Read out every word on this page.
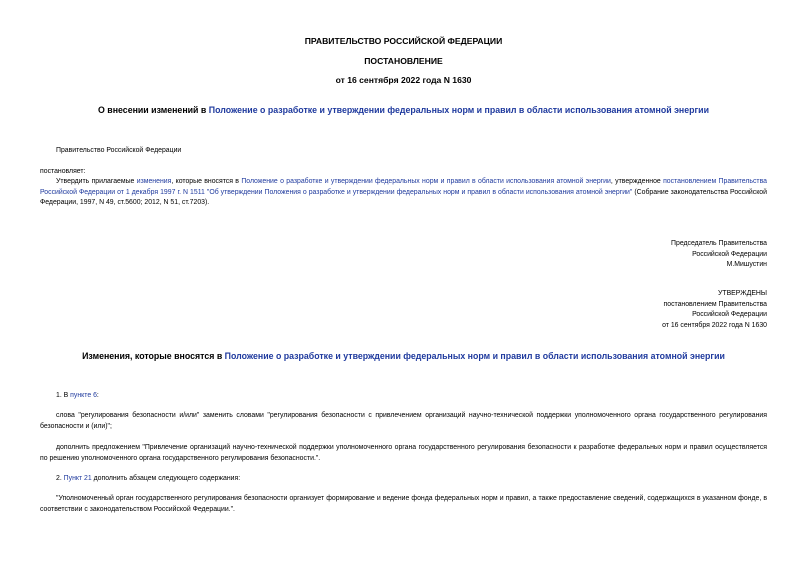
ПРАВИТЕЛЬСТВО РОССИЙСКОЙ ФЕДЕРАЦИИ
ПОСТАНОВЛЕНИЕ
от 16 сентября 2022 года N 1630
О внесении изменений в Положение о разработке и утверждении федеральных норм и правил в области использования атомной энергии
Правительство Российской Федерации
постановляет:
Утвердить прилагаемые изменения, которые вносятся в Положение о разработке и утверждении федеральных норм и правил в области использования атомной энергии, утвержденное постановлением Правительства Российской Федерации от 1 декабря 1997 г. N 1511 "Об утверждении Положения о разработке и утверждении федеральных норм и правил в области использования атомной энергии" (Собрание законодательства Российской Федерации, 1997, N 49, ст.5600; 2012, N 51, ст.7203).
Председатель Правительства
Российской Федерации
М.Мишустин
УТВЕРЖДЕНЫ
постановлением Правительства
Российской Федерации
от 16 сентября 2022 года N 1630
Изменения, которые вносятся в Положение о разработке и утверждении федеральных норм и правил в области использования атомной энергии
1. В пункте 6:
слова "регулирования безопасности и/или" заменить словами "регулирования безопасности с привлечением организаций научно-технической поддержки уполномоченного органа государственного регулирования безопасности и (или)";
дополнить предложением "Привлечение организаций научно-технической поддержки уполномоченного органа государственного регулирования безопасности к разработке федеральных норм и правил осуществляется по решению уполномоченного органа государственного регулирования безопасности.".
2. Пункт 21 дополнить абзацем следующего содержания:
"Уполномоченный орган государственного регулирования безопасности организует формирование и ведение фонда федеральных норм и правил, а также предоставление сведений, содержащихся в указанном фонде, в соответствии с законодательством Российской Федерации.".
